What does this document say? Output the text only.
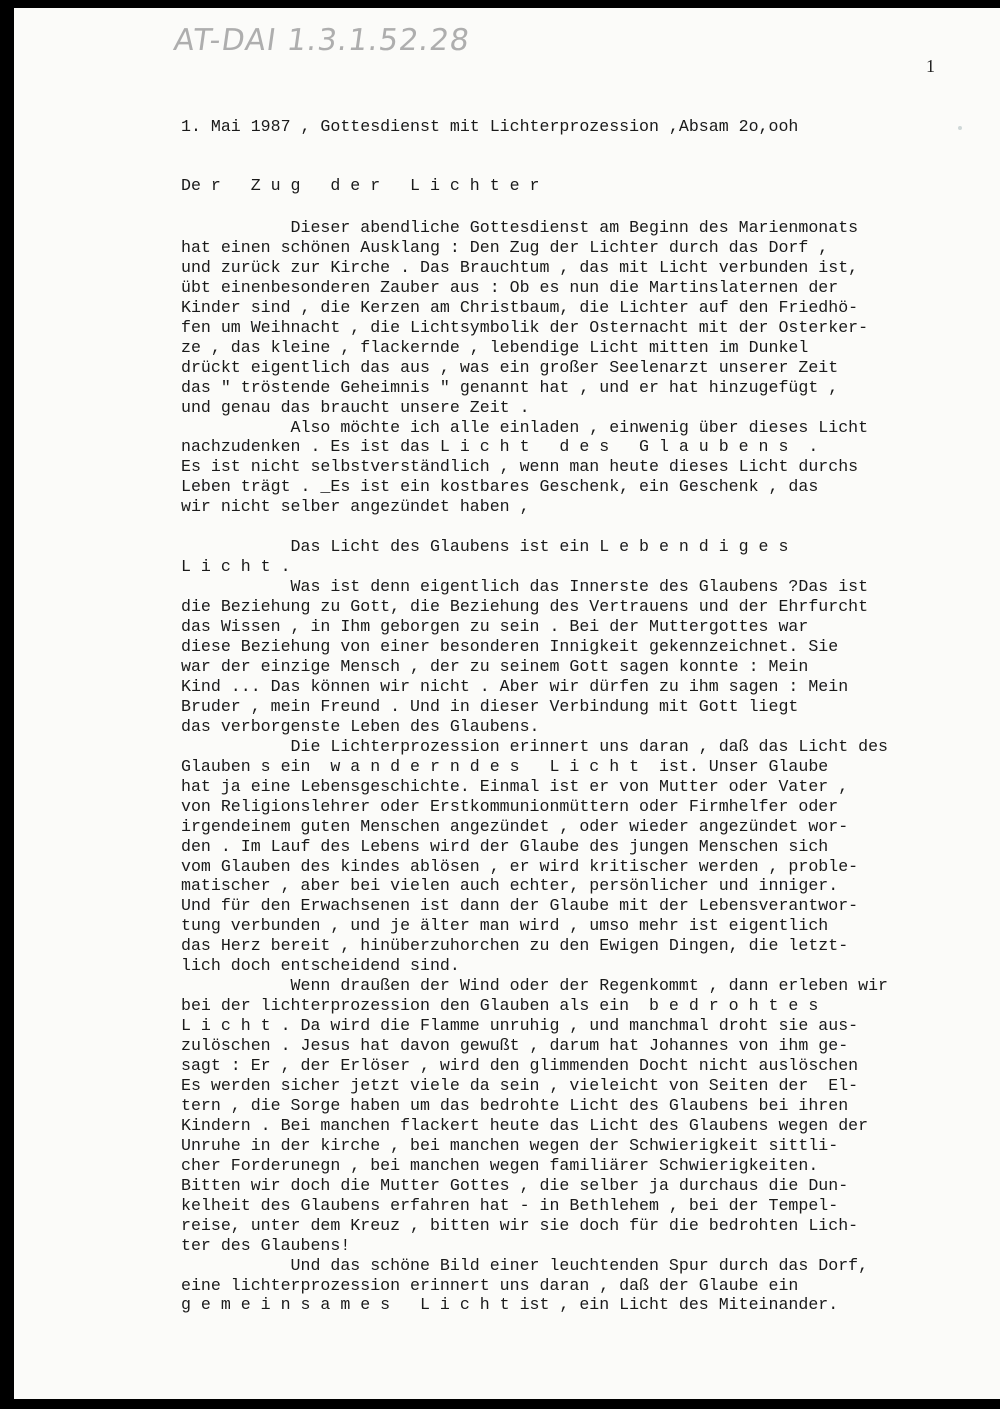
AT-DAI 1.3.1.52.28
1
1. Mai 1987 , Gottesdienst mit Lichterprozession ,Absam 2o,ooh
De r   Z u g   d e r   L i c h t e r
Dieser abendliche Gottesdienst am Beginn des Marienmonats
hat einen schönen Ausklang : Den Zug der Lichter durch das Dorf ,
und zurück zur Kirche . Das Brauchtum , das mit Licht verbunden ist,
übt einenbesonderen Zauber aus : Ob es nun die Martinslaternen der
Kinder sind , die Kerzen am Christbaum, die Lichter auf den Friedhö-
fen um Weihnacht , die Lichtsymbolik der Osternacht mit der Osterker-
ze , das kleine , flackernde , lebendige Licht mitten im Dunkel
drückt eigentlich das aus , was ein großer Seelenarzt unserer Zeit
das " tröstende Geheimnis " genannt hat , und er hat hinzugefügt ,
und genau das braucht unsere Zeit .
Also möchte ich alle einladen , einwenig über dieses Licht
nachzudenken . Es ist das L i c h t   d e s   G l a u b e n s  .
Es ist nicht selbstverständlich , wenn man heute dieses Licht durchs
Leben trägt . _Es ist ein kostbares Geschenk, ein Geschenk , das
wir nicht selber angezündet haben ,

Das Licht des Glaubens ist ein L e b e n d i g e s
L i c h t .
Was ist denn eigentlich das Innerste des Glaubens ?Das ist
die Beziehung zu Gott, die Beziehung des Vertrauens und der Ehrfurcht
das Wissen , in Ihm geborgen zu sein . Bei der Muttergottes war
diese Beziehung von einer besonderen Innigkeit gekennzeichnet. Sie
war der einzige Mensch , der zu seinem Gott sagen konnte : Mein
Kind ... Das können wir nicht . Aber wir dürfen zu ihm sagen : Mein
Bruder , mein Freund . Und in dieser Verbindung mit Gott liegt
das verborgenste Leben des Glaubens.
Die Lichterprozession erinnert uns daran , daß das Licht des
Glauben s ein  w a n d e r n d e s   L i c h t  ist. Unser Glaube
hat ja eine Lebensgeschichte. Einmal ist er von Mutter oder Vater ,
von Religionslehrer oder Erstkommunionmüttern oder Firmhelfer oder
irgendeinem guten Menschen angezündet , oder wieder angezündet wor-
den . Im Lauf des Lebens wird der Glaube des jungen Menschen sich
vom Glauben des kindes ablösen , er wird kritischer werden , proble-
matischer , aber bei vielen auch echter, persönlicher und inniger.
Und für den Erwachsenen ist dann der Glaube mit der Lebensverantwor-
tung verbunden , und je älter man wird , umso mehr ist eigentlich
das Herz bereit , hinüberzuhorchen zu den Ewigen Dingen, die letzt-
lich doch entscheidend sind.
Wenn draußen der Wind oder der Regenkommt , dann erleben wir
bei der lichterprozession den Glauben als ein  b e d r o h t e s
L i c h t . Da wird die Flamme unruhig , und manchmal droht sie aus-
zulöschen . Jesus hat davon gewußt , darum hat Johannes von ihm ge-
sagt : Er , der Erlöser , wird den glimmenden Docht nicht auslöschen
Es werden sicher jetzt viele da sein , vieleicht von Seiten der  El-
tern , die Sorge haben um das bedrohte Licht des Glaubens bei ihren
Kindern . Bei manchen flackert heute das Licht des Glaubens wegen der
Unruhe in der kirche , bei manchen wegen der Schwierigkeit sittli-
cher Forderunegn , bei manchen wegen familiärer Schwierigkeiten.
Bitten wir doch die Mutter Gottes , die selber ja durchaus die Dun-
kelheit des Glaubens erfahren hat - in Bethlehem , bei der Tempel-
reise, unter dem Kreuz , bitten wir sie doch für die bedrohten Lich-
ter des Glaubens!
Und das schöne Bild einer leuchtenden Spur durch das Dorf,
eine lichterprozession erinnert uns daran , daß der Glaube ein
g e m e i n s a m e s   L i c h t ist , ein Licht des Miteinander.
